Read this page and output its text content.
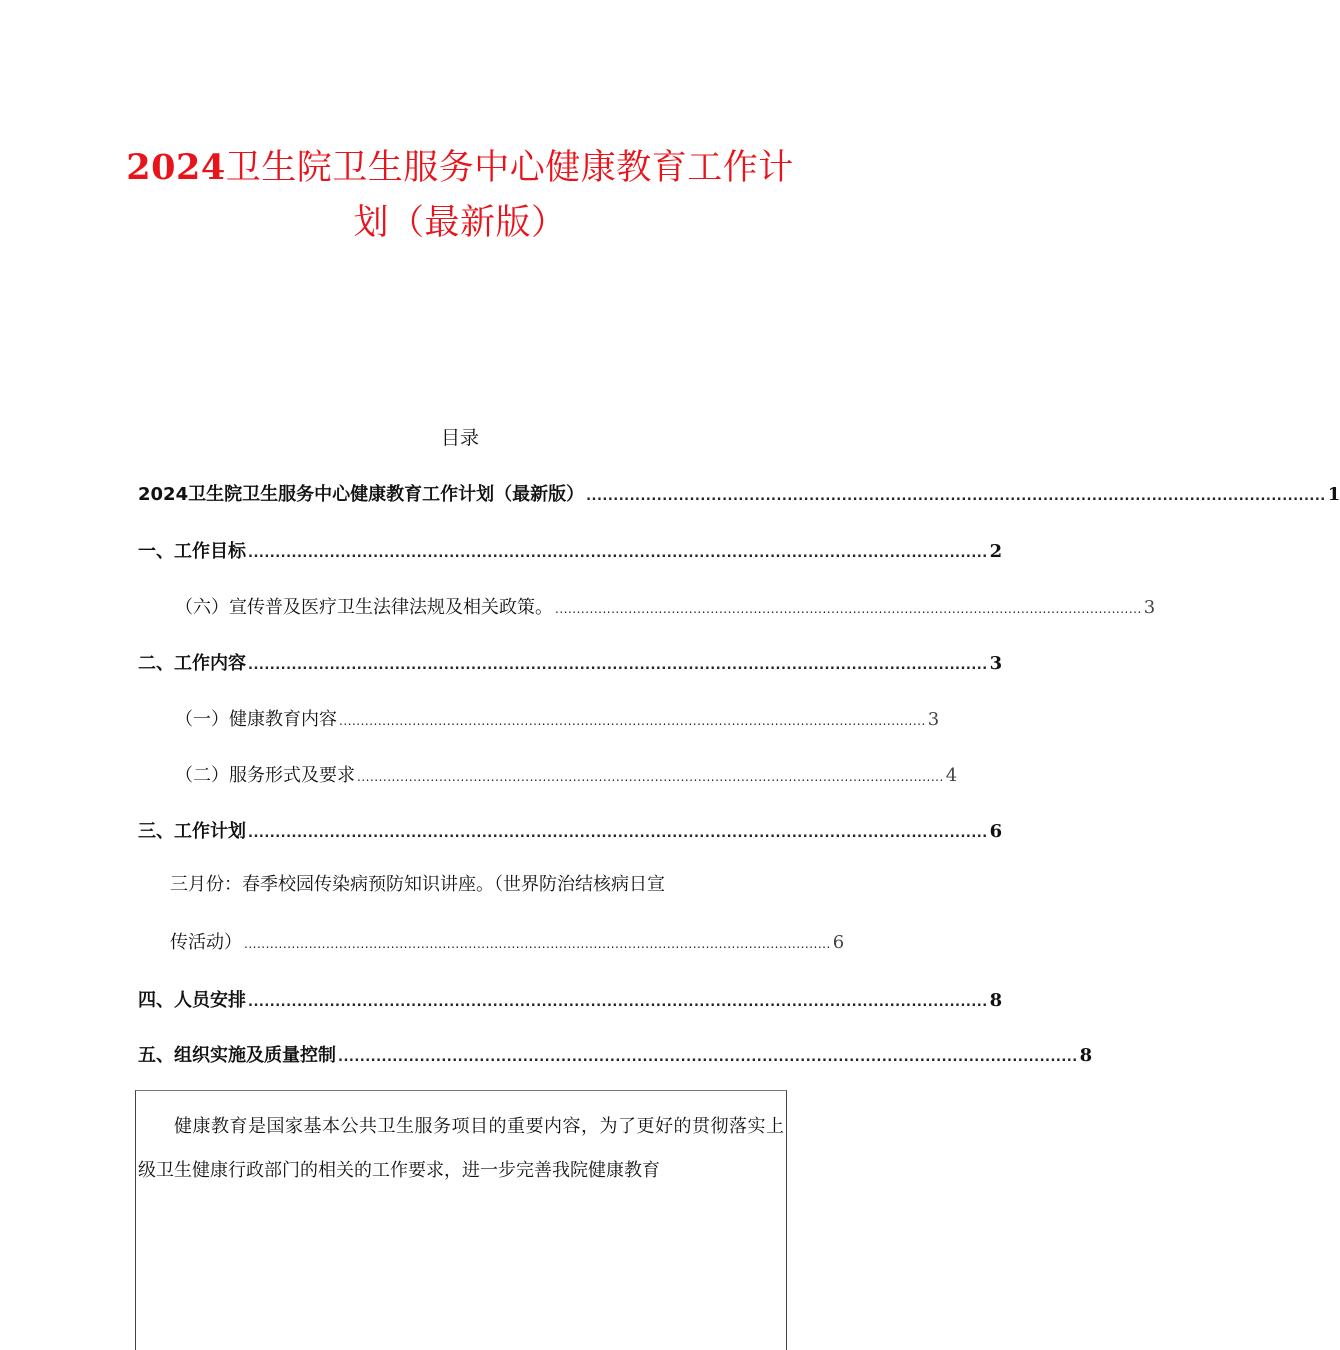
2024卫生院卫生服务中心健康教育工作计
划（最新版）
目录
2024卫生院卫生服务中心健康教育工作计划（最新版） ........................................................................................................................................ 1
一、工作目标 ........................................................................................................................................ 2
（六）宣传普及医疗卫生法律法规及相关政策。 ........................................................................................................................................ 3
二、工作内容 ........................................................................................................................................ 3
（一）健康教育内容 ........................................................................................................................................ 3
（二）服务形式及要求 ........................................................................................................................................ 4
三、工作计划 ........................................................................................................................................ 6
三月份：春季校园传染病预防知识讲座。（世界防治结核病日宣
传活动） ........................................................................................................................................ 6
四、人员安排 ........................................................................................................................................ 8
五、组织实施及质量控制 ........................................................................................................................................ 8

健康教育是国家基本公共卫生服务项目的重要内容，为了更好的贯彻落实上级卫生健康行政部门的相关的工作要求，进一步完善我院健康教育
